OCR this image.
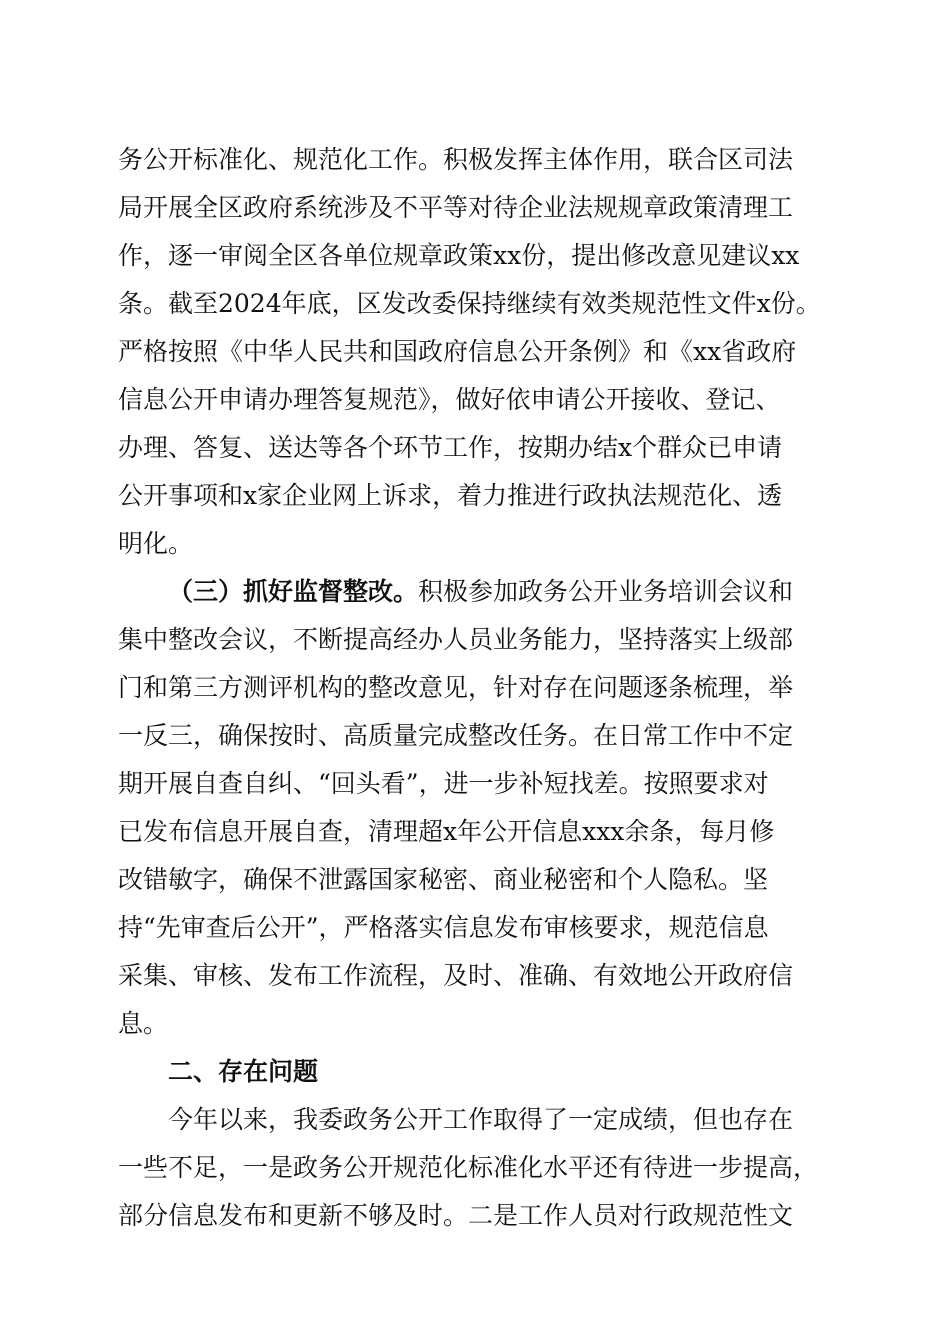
务公开标准化、规范化工作。积极发挥主体作用，联合区司法
局开展全区政府系统涉及不平等对待企业法规规章政策清理工
作，逐一审阅全区各单位规章政策xx份，提出修改意见建议xx
条。截至2024年底，区发改委保持继续有效类规范性文件x份。
严格按照《中华人民共和国政府信息公开条例》和《xx省政府
信息公开申请办理答复规范》，做好依申请公开接收、登记、
办理、答复、送达等各个环节工作，按期办结x个群众已申请
公开事项和x家企业网上诉求，着力推进行政执法规范化、透
明化。
（三）抓好监督整改。积极参加政务公开业务培训会议和
集中整改会议，不断提高经办人员业务能力，坚持落实上级部
门和第三方测评机构的整改意见，针对存在问题逐条梳理，举
一反三，确保按时、高质量完成整改任务。在日常工作中不定
期开展自查自纠、“回头看”，进一步补短找差。按照要求对
已发布信息开展自查，清理超x年公开信息xxx余条，每月修
改错敏字，确保不泄露国家秘密、商业秘密和个人隐私。坚
持“先审查后公开”，严格落实信息发布审核要求，规范信息
采集、审核、发布工作流程，及时、准确、有效地公开政府信
息。
二、存在问题
今年以来，我委政务公开工作取得了一定成绩，但也存在
一些不足，一是政务公开规范化标准化水平还有待进一步提高，
部分信息发布和更新不够及时。二是工作人员对行政规范性文
